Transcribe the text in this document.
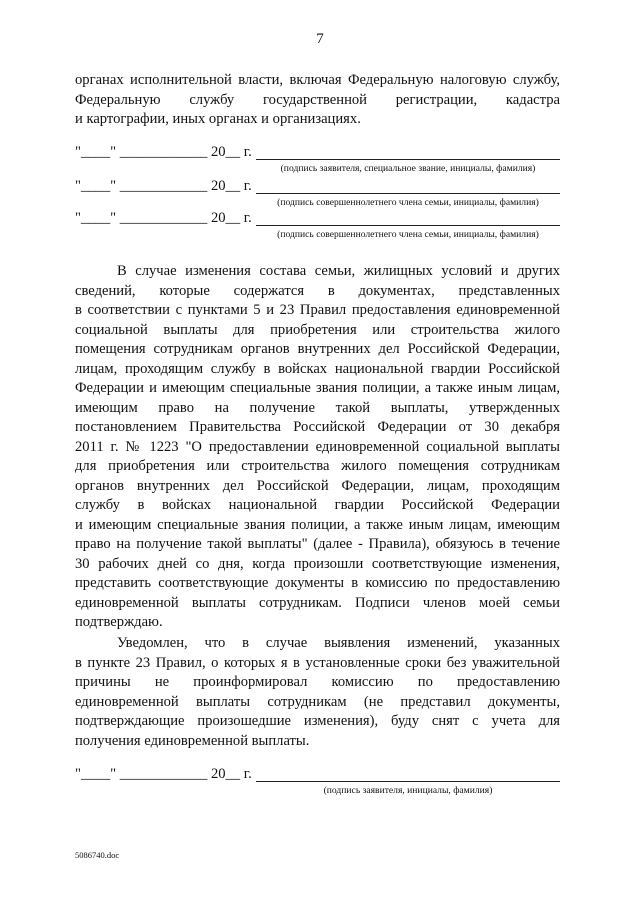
7
органах исполнительной власти, включая Федеральную налоговую службу,
Федеральную службу государственной регистрации, кадастра
и картографии, иных органах и организациях.
"____" ____________ 20__ г.
(подпись заявителя, специальное звание, инициалы, фамилия)
"____" ____________ 20__ г.
(подпись совершеннолетнего члена семьи, инициалы, фамилия)
"____" ____________ 20__ г.
(подпись совершеннолетнего члена семьи, инициалы, фамилия)
В случае изменения состава семьи, жилищных условий и других
сведений, которые содержатся в документах, представленных
в соответствии с пунктами 5 и 23 Правил предоставления единовременной
социальной выплаты для приобретения или строительства жилого
помещения сотрудникам органов внутренних дел Российской Федерации,
лицам, проходящим службу в войсках национальной гвардии Российской
Федерации и имеющим специальные звания полиции, а также иным лицам,
имеющим право на получение такой выплаты, утвержденных
постановлением Правительства Российской Федерации от 30 декабря
2011 г. № 1223 "О предоставлении единовременной социальной выплаты
для приобретения или строительства жилого помещения сотрудникам
органов внутренних дел Российской Федерации, лицам, проходящим
службу в войсках национальной гвардии Российской Федерации
и имеющим специальные звания полиции, а также иным лицам, имеющим
право на получение такой выплаты" (далее - Правила), обязуюсь в течение
30 рабочих дней со дня, когда произошли соответствующие изменения,
представить соответствующие документы в комиссию по предоставлению
единовременной выплаты сотрудникам. Подписи членов моей семьи
подтверждаю.
Уведомлен, что в случае выявления изменений, указанных
в пункте 23 Правил, о которых я в установленные сроки без уважительной
причины не проинформировал комиссию по предоставлению
единовременной выплаты сотрудникам (не представил документы,
подтверждающие произошедшие изменения), буду снят с учета для
получения единовременной выплаты.
"____" ____________ 20__ г.
(подпись заявителя, инициалы, фамилия)
5086740.doc
